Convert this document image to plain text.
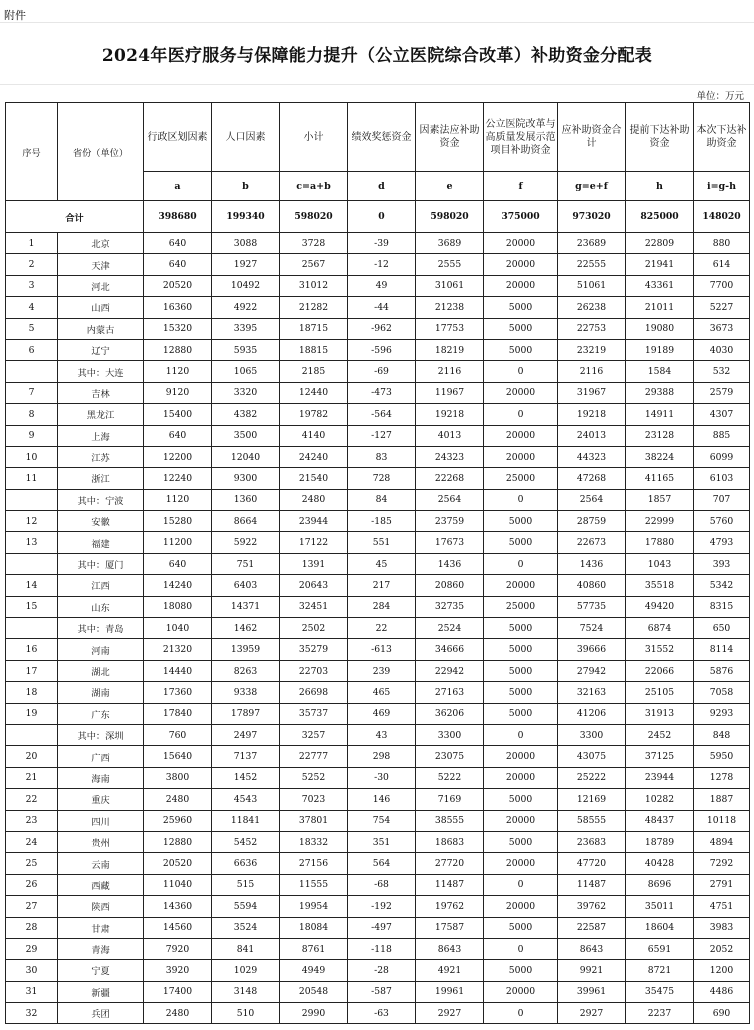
附件
2024年医疗服务与保障能力提升（公立医院综合改革）补助资金分配表
单位：万元
序号	省份（单位）	行政区划因素	人口因素	小计	绩效奖惩资金	因素法应补助资金	公立医院改革与高质量发展示范项目补助资金	应补助资金合计	提前下达补助资金	本次下达补助资金
		a	b	c=a+b	d	e	f	g=e+f	h	i=g-h
合计		398680	199340	598020	0	598020	375000	973020	825000	148020
1	北京	640	3088	3728	-39	3689	20000	23689	22809	880
2	天津	640	1927	2567	-12	2555	20000	22555	21941	614
3	河北	20520	10492	31012	49	31061	20000	51061	43361	7700
4	山西	16360	4922	21282	-44	21238	5000	26238	21011	5227
5	内蒙古	15320	3395	18715	-962	17753	5000	22753	19080	3673
6	辽宁	12880	5935	18815	-596	18219	5000	23219	19189	4030
	其中：大连	1120	1065	2185	-69	2116	0	2116	1584	532
7	吉林	9120	3320	12440	-473	11967	20000	31967	29388	2579
8	黑龙江	15400	4382	19782	-564	19218	0	19218	14911	4307
9	上海	640	3500	4140	-127	4013	20000	24013	23128	885
10	江苏	12200	12040	24240	83	24323	20000	44323	38224	6099
11	浙江	12240	9300	21540	728	22268	25000	47268	41165	6103
	其中：宁波	1120	1360	2480	84	2564	0	2564	1857	707
12	安徽	15280	8664	23944	-185	23759	5000	28759	22999	5760
13	福建	11200	5922	17122	551	17673	5000	22673	17880	4793
	其中：厦门	640	751	1391	45	1436	0	1436	1043	393
14	江西	14240	6403	20643	217	20860	20000	40860	35518	5342
15	山东	18080	14371	32451	284	32735	25000	57735	49420	8315
	其中：青岛	1040	1462	2502	22	2524	5000	7524	6874	650
16	河南	21320	13959	35279	-613	34666	5000	39666	31552	8114
17	湖北	14440	8263	22703	239	22942	5000	27942	22066	5876
18	湖南	17360	9338	26698	465	27163	5000	32163	25105	7058
19	广东	17840	17897	35737	469	36206	5000	41206	31913	9293
	其中：深圳	760	2497	3257	43	3300	0	3300	2452	848
20	广西	15640	7137	22777	298	23075	20000	43075	37125	5950
21	海南	3800	1452	5252	-30	5222	20000	25222	23944	1278
22	重庆	2480	4543	7023	146	7169	5000	12169	10282	1887
23	四川	25960	11841	37801	754	38555	20000	58555	48437	10118
24	贵州	12880	5452	18332	351	18683	5000	23683	18789	4894
25	云南	20520	6636	27156	564	27720	20000	47720	40428	7292
26	西藏	11040	515	11555	-68	11487	0	11487	8696	2791
27	陕西	14360	5594	19954	-192	19762	20000	39762	35011	4751
28	甘肃	14560	3524	18084	-497	17587	5000	22587	18604	3983
29	青海	7920	841	8761	-118	8643	0	8643	6591	2052
30	宁夏	3920	1029	4949	-28	4921	5000	9921	8721	1200
31	新疆	17400	3148	20548	-587	19961	20000	39961	35475	4486
32	兵团	2480	510	2990	-63	2927	0	2927	2237	690
